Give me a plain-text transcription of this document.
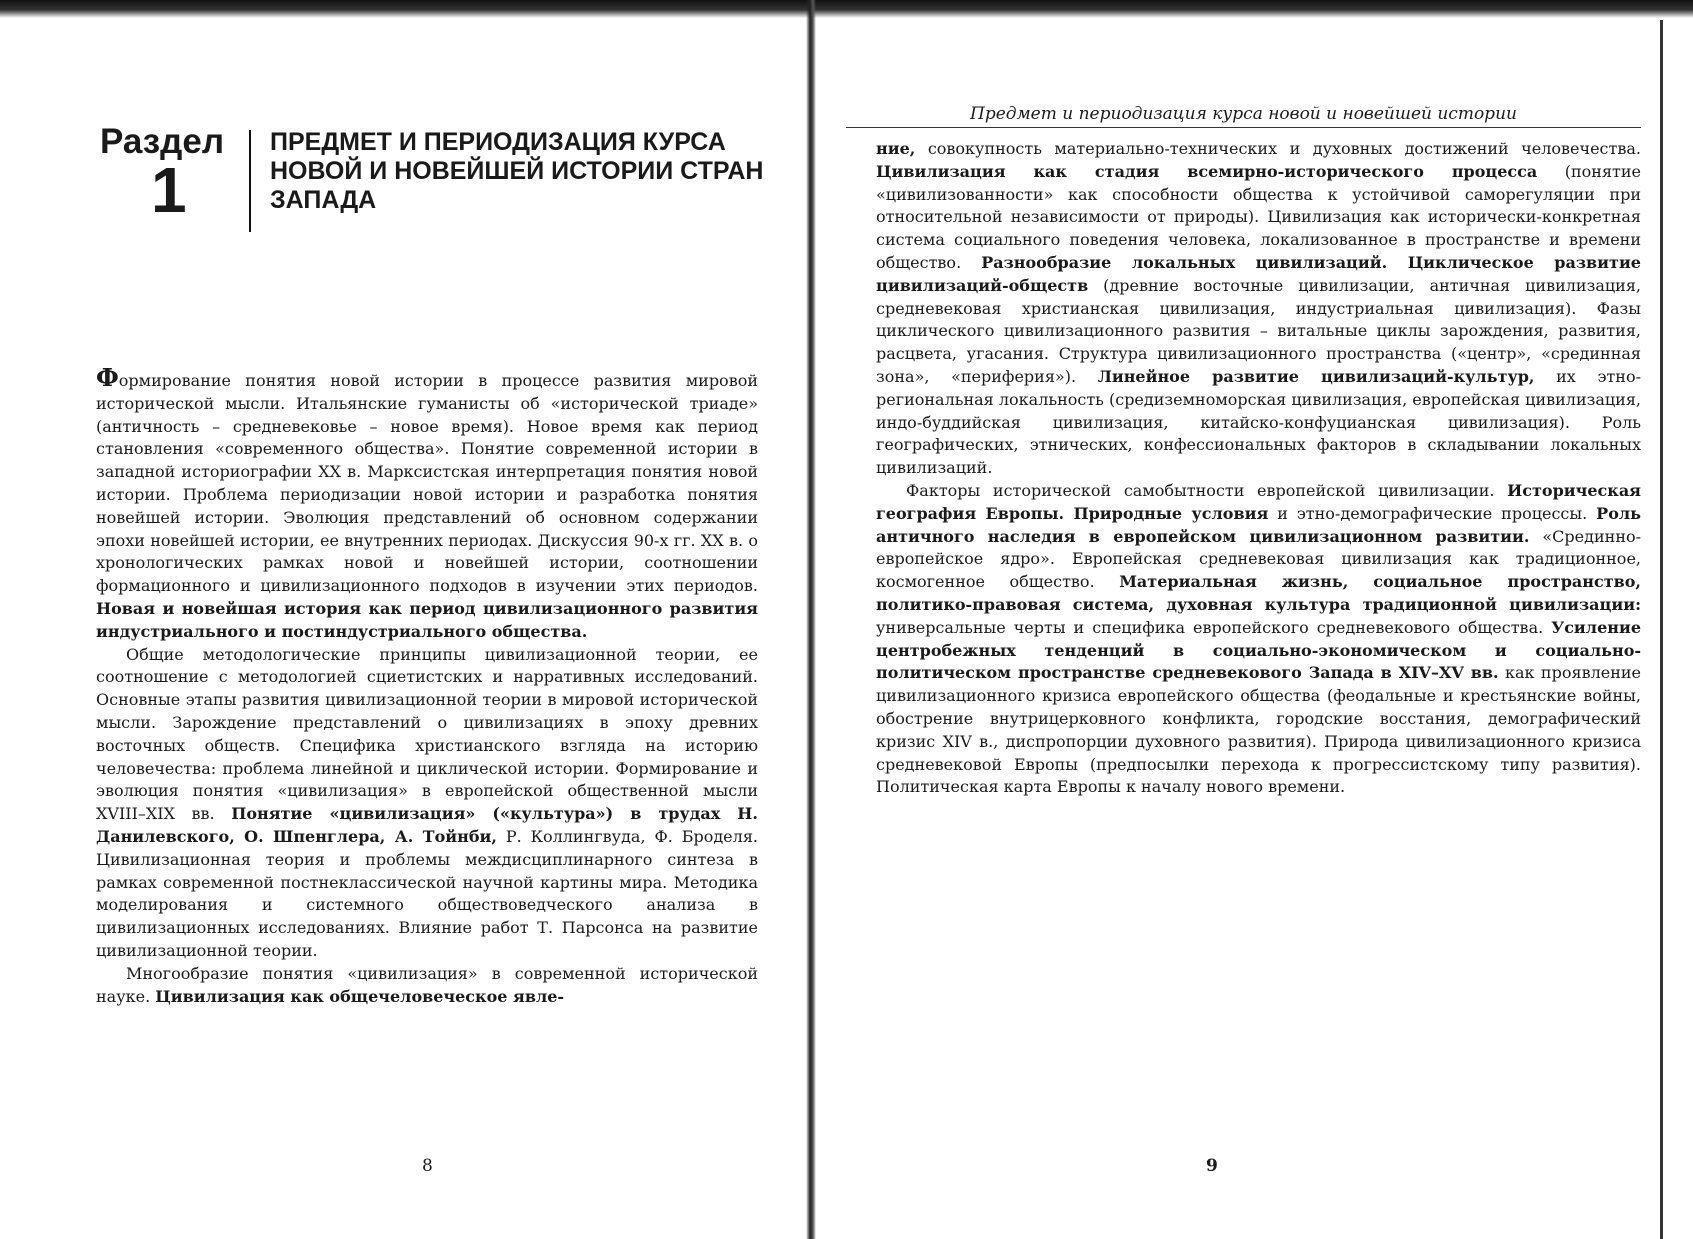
Раздел
1
ПРЕДМЕТ И ПЕРИОДИЗАЦИЯ КУРСА НОВОЙ И НОВЕЙШЕЙ ИСТОРИИ СТРАН ЗАПАДА

Формирование понятия новой истории в процессе развития мировой исторической мысли. Итальянские гуманисты об «исторической триаде» (античность – средневековье – новое время). Новое время как период становления «современного общества». Понятие современной истории в западной историографии XX в. Марксистская интерпретация понятия новой истории. Проблема периодизации новой истории и разработка понятия новейшей истории. Эволюция представлений об основном содержании эпохи новейшей истории, ее внутренних периодах. Дискуссия 90-х гг. XX в. о хронологических рамках новой и новейшей истории, соотношении формационного и цивилизационного подходов в изучении этих периодов. Новая и новейшая история как период цивилизационного развития индустриального и постиндустриального общества.

Общие методологические принципы цивилизационной теории, ее соотношение с методологией сциетистских и нарративных исследований. Основные этапы развития цивилизационной теории в мировой исторической мысли. Зарождение представлений о цивилизациях в эпоху древних восточных обществ. Специфика христианского взгляда на историю человечества: проблема линейной и циклической истории. Формирование и эволюция понятия «цивилизация» в европейской общественной мысли XVIII–XIX вв. Понятие «цивилизация» («культура») в трудах Н. Данилевского, О. Шпенглера, А. Тойнби, Р. Коллингвуда, Ф. Броделя. Цивилизационная теория и проблемы междисциплинарного синтеза в рамках современной постнеклассической научной картины мира. Методика моделирования и системного обществоведческого анализа в цивилизационных исследованиях. Влияние работ Т. Парсонса на развитие цивилизационной теории.

Многообразие понятия «цивилизация» в современной исторической науке. Цивилизация как общечеловеческое явле-

8
Предмет и периодизация курса новой и новейшей истории

ние, совокупность материально-технических и духовных достижений человечества. Цивилизация как стадия всемирно-исторического процесса (понятие «цивилизованности» как способности общества к устойчивой саморегуляции при относительной независимости от природы). Цивилизация как исторически-конкретная система социального поведения человека, локализованное в пространстве и времени общество. Разнообразие локальных цивилизаций. Циклическое развитие цивилизаций-обществ (древние восточные цивилизации, античная цивилизация, средневековая христианская цивилизация, индустриальная цивилизация). Фазы циклического цивилизационного развития – витальные циклы зарождения, развития, расцвета, угасания. Структура цивилизационного пространства («центр», «срединная зона», «периферия»). Линейное развитие цивилизаций-культур, их этно-региональная локальность (средиземноморская цивилизация, европейская цивилизация, индо-буддийская цивилизация, китайско-конфуцианская цивилизация). Роль географических, этнических, конфессиональных факторов в складывании локальных цивилизаций.

Факторы исторической самобытности европейской цивилизации. Историческая география Европы. Природные условия и этно-демографические процессы. Роль античного наследия в европейском цивилизационном развитии. «Срединно-европейское ядро». Европейская средневековая цивилизация как традиционное, космогенное общество. Материальная жизнь, социальное пространство, политико-правовая система, духовная культура традиционной цивилизации: универсальные черты и специфика европейского средневекового общества. Усиление центробежных тенденций в социально-экономическом и социально-политическом пространстве средневекового Запада в XIV–XV вв. как проявление цивилизационного кризиса европейского общества (феодальные и крестьянские войны, обострение внутрицерковного конфликта, городские восстания, демографический кризис XIV в., диспропорции духовного развития). Природа цивилизационного кризиса средневековой Европы (предпосылки перехода к прогрессистскому типу развития). Политическая карта Европы к началу нового времени.

9
